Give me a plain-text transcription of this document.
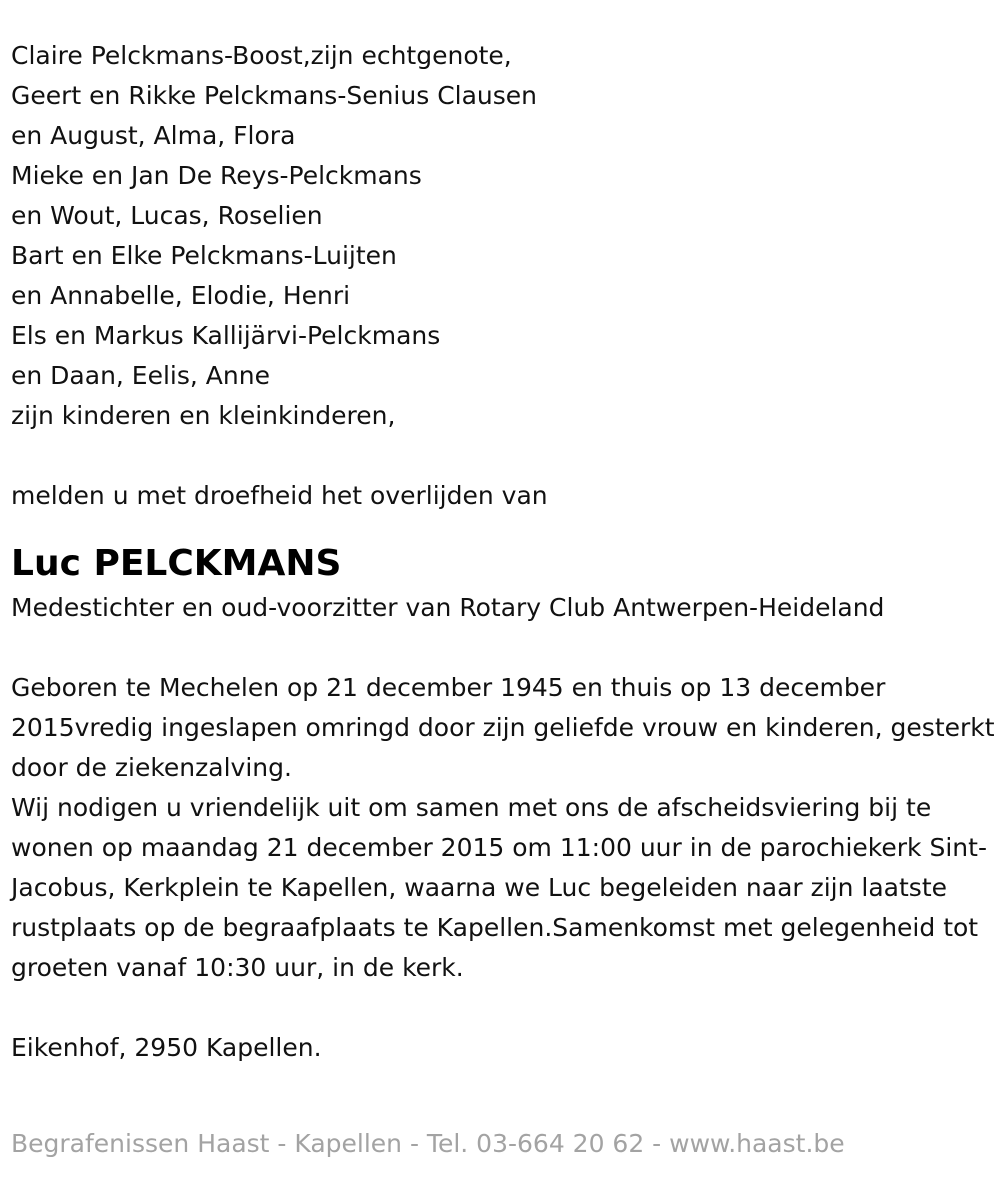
Claire Pelckmans-Boost,zijn echtgenote,
Geert en Rikke Pelckmans-Senius Clausen
en August, Alma, Flora
Mieke en Jan De Reys-Pelckmans
en Wout, Lucas, Roselien
Bart en Elke Pelckmans-Luijten
en Annabelle, Elodie, Henri
Els en Markus Kallijärvi-Pelckmans
en Daan, Eelis, Anne
zijn kinderen en kleinkinderen,
melden u met droefheid het overlijden van
Luc PELCKMANS
Medestichter en oud-voorzitter van Rotary Club Antwerpen-Heideland
Geboren te Mechelen op 21 december 1945 en thuis op 13 december 2015vredig ingeslapen omringd door zijn geliefde vrouw en kinderen, gesterkt door de ziekenzalving.
Wij nodigen u vriendelijk uit om samen met ons de afscheidsviering bij te wonen op maandag 21 december 2015 om 11:00 uur in de parochiekerk Sint-Jacobus, Kerkplein te Kapellen, waarna we Luc begeleiden naar zijn laatste rustplaats op de begraafplaats te Kapellen.Samenkomst met gelegenheid tot groeten vanaf 10:30 uur, in de kerk.
Eikenhof, 2950 Kapellen.
Begrafenissen Haast - Kapellen - Tel. 03-664 20 62 - www.haast.be
